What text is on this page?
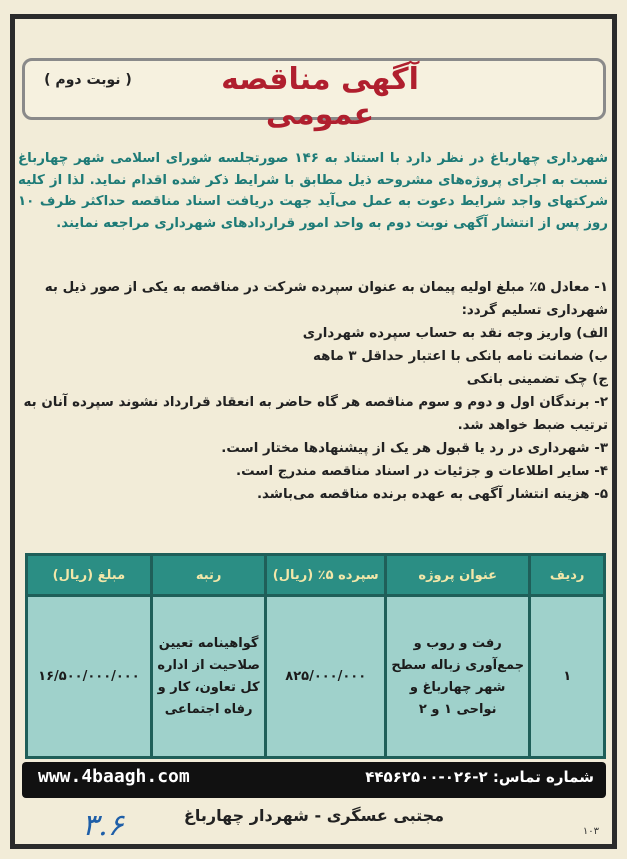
آگهی مناقصه عمومی
( نوبت دوم )
شهرداری چهارباغ در نظر دارد با استناد به ۱۴۶ صورتجلسه شورای اسلامی شهر چهارباغ نسبت به اجرای پروژه‌های مشروحه ذیل مطابق با شرایط ذکر شده اقدام نماید. لذا از کلیه شرکتهای واجد شرایط دعوت به عمل می‌آید جهت دریافت اسناد مناقصه حداکثر ظرف ۱۰ روز پس از انتشار آگهی نوبت دوم به واحد امور قراردادهای شهرداری مراجعه نمایند.

۱- معادل ۵٪ مبلغ اولیه پیمان به عنوان سپرده شرکت در مناقصه به یکی از صور ذیل به شهرداری تسلیم گردد:

الف) واریز وجه نقد به حساب سپرده شهرداری

ب) ضمانت نامه بانکی با اعتبار حداقل ۳ ماهه

ج) چک تضمینی بانکی

۲- برندگان اول و دوم و سوم مناقصه هر گاه حاضر به انعقاد قرارداد نشوند سپرده آنان به ترتیب ضبط خواهد شد.

۳- شهرداری در رد یا قبول هر یک از پیشنهادها مختار است.

۴- سایر اطلاعات و جزئیات در اسناد مناقصه مندرج است.

۵- هزینه انتشار آگهی به عهده برنده مناقصه می‌باشد.

ردیف	عنوان پروژه	سپرده ۵٪ (ریال)	رتبه	مبلغ (ریال)
۱	رفت و روب و جمع‌آوری زباله سطح شهر چهارباغ و نواحی ۱ و ۲	۸۲۵/۰۰۰/۰۰۰	گواهینامه تعیین صلاحیت از اداره کل تعاون، کار و رفاه اجتماعی	۱۶/۵۰۰/۰۰۰/۰۰۰
شماره تماس: ۲-۰۲۶-۴۴۵۶۲۵۰۰
www.4baagh.com
مجتبی عسگری - شهردار چهارباغ
۳.۶	۱۰۳
